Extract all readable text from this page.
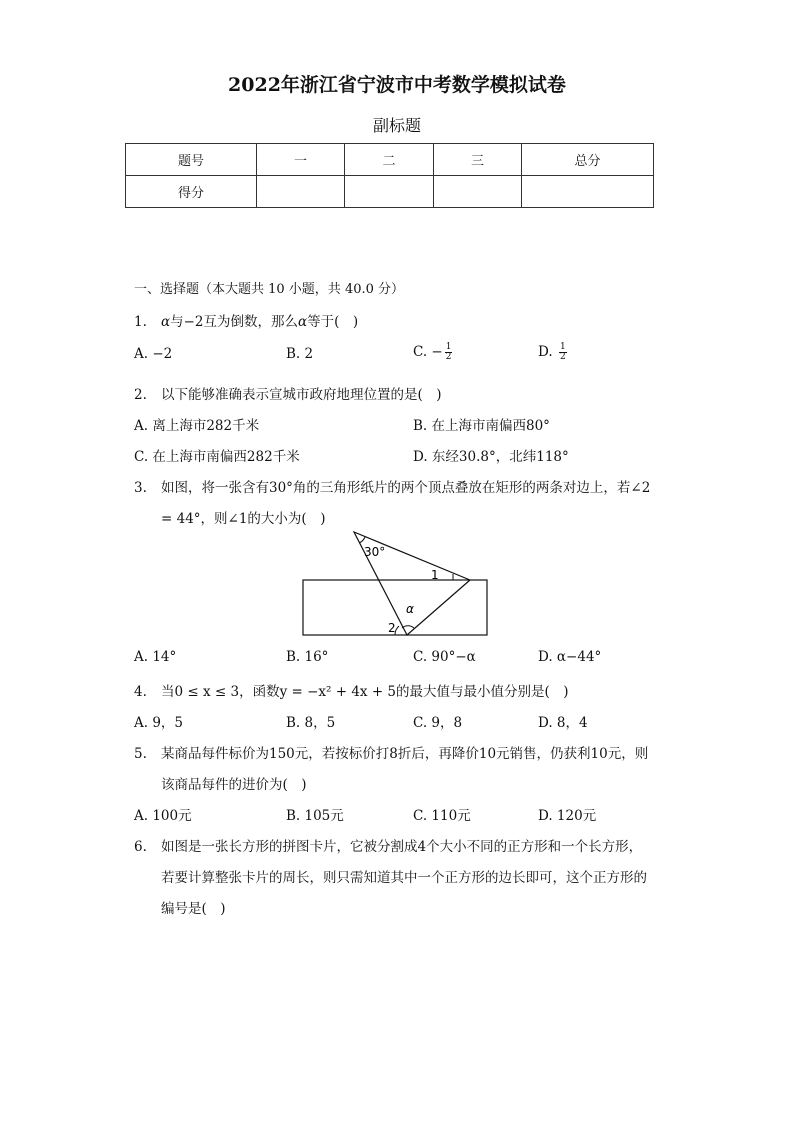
2022年浙江省宁波市中考数学模拟试卷
副标题
题号	一	二	三	总分
得分				
一、选择题（本大题共 10 小题，共 40.0 分）
1. α与−2互为倒数，那么α等于(　)
A. −2	B. 2	C. − $\frac{1}{2}$	D. $\frac{1}{2}$
2. 以下能够准确表示宣城市政府地理位置的是(　)
A. 离上海市282千米	B. 在上海市南偏西80°
C. 在上海市南偏西282千米	D. 东经30.8°，北纬118°
3. 如图，将一张含有30°角的三角形纸片的两个顶点叠放在矩形的两条对边上，若∠2
= 44°，则∠1的大小为(　)
30°
1
2
α
A. 14°	B. 16°	C. 90°−α	D. α−44°
4. 当0 ≤ x ≤ 3，函数y = −x² + 4x + 5的最大值与最小值分别是(　)
A. 9，5	B. 8，5	C. 9，8	D. 8，4
5. 某商品每件标价为150元，若按标价打8折后，再降价10元销售，仍获利10元，则
该商品每件的进价为(　)
A. 100元	B. 105元	C. 110元	D. 120元
6. 如图是一张长方形的拼图卡片，它被分割成4个大小不同的正方形和一个长方形，
若要计算整张卡片的周长，则只需知道其中一个正方形的边长即可，这个正方形的
编号是(　)
